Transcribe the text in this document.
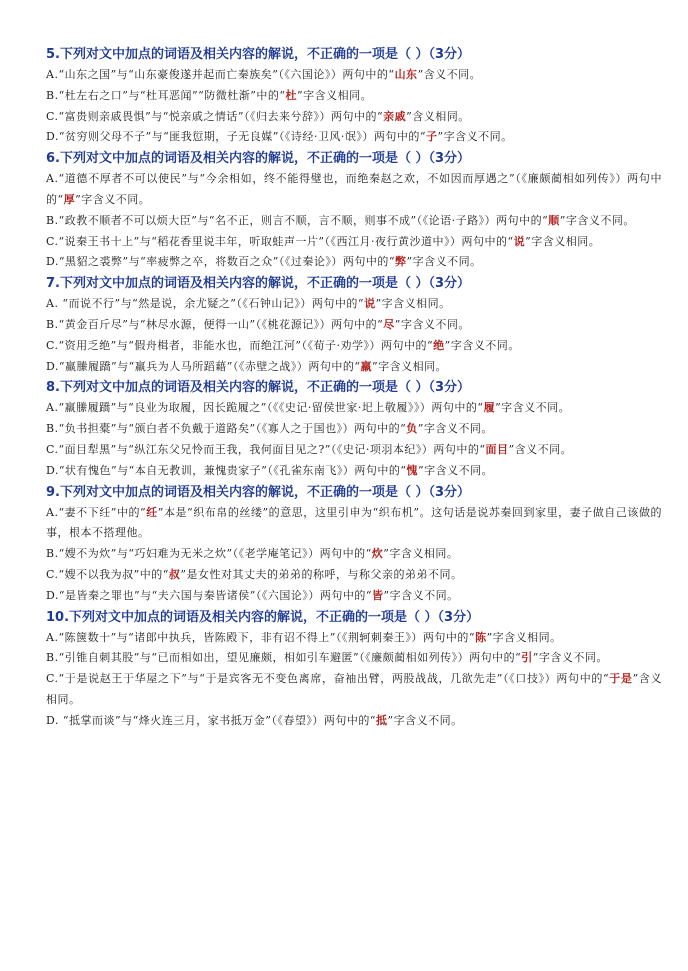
5.下列对文中加点的词语及相关内容的解说，不正确的一项是（ ）（3分）

A.“山东之国”与“山东豪俊遂并起而亡秦族矣”（《六国论》）两句中的“山东”含义不同。

B.“杜左右之口”与“杜耳恶闻”“防微杜渐”中的“杜”字含义相同。

C.“富贵则亲戚畏惧”与“悦亲戚之情话”（《归去来兮辞》）两句中的“亲戚”含义相同。

D.“贫穷则父母不子”与“匪我愆期，子无良媒”（《诗经·卫风·氓》）两句中的“子”字含义不同。

6.下列对文中加点的词语及相关内容的解说，不正确的一项是（ ）（3分）

A.“道德不厚者不可以使民”与“今余相如，终不能得璧也，而绝秦赵之欢，不如因而厚遇之”（《廉颇蔺相如列传》）两句中的“厚”字含义不同。

B.“政教不顺者不可以烦大臣”与“名不正，则言不顺，言不顺，则事不成”（《论语·子路》）两句中的“顺”字含义不同。

C.“说秦王书十上”与“稻花香里说丰年，听取蛙声一片”（《西江月·夜行黄沙道中》）两句中的“说”字含义相同。

D.“黑貂之裘弊”与“率疲弊之卒，将数百之众”（《过秦论》）两句中的“弊”字含义不同。

7.下列对文中加点的词语及相关内容的解说，不正确的一项是（ ）（3分）

A. “而说不行”与“然是说，余尤疑之”（《石钟山记》）两句中的“说”字含义相同。

B.“黄金百斤尽”与“林尽水源，便得一山”（《桃花源记》）两句中的“尽”字含义不同。

C.“资用乏绝”与“假舟楫者，非能水也，而绝江河”（《荀子·劝学》）两句中的“绝”字含义不同。

D.“羸縢履蹻”与“羸兵为人马所蹈藉”（《赤壁之战》）两句中的“羸”字含义相同。

8.下列对文中加点的词语及相关内容的解说，不正确的一项是（ ）（3分）

A.“羸縢履蹻”与“良业为取履，因长跪履之”（《《史记·留侯世家·圯上敬履》》）两句中的“履”字含义不同。

B.“负书担橐”与“颁白者不负戴于道路矣”（《寡人之于国也》）两句中的“负”字含义不同。

C.“面目犁黑”与“纵江东父兄怜而王我，我何面目见之?”（《史记·项羽本纪》）两句中的“面目”含义不同。

D.“状有愧色”与“本自无教训，兼愧贵家子”（《孔雀东南飞》）两句中的“愧”字含义不同。

9.下列对文中加点的词语及相关内容的解说，不正确的一项是（ ）（3分）

A.“妻不下纴”中的“纴”本是“织布帛的丝缕”的意思，这里引申为“织布机”。这句话是说苏秦回到家里，妻子做自己该做的事，根本不搭理他。

B.“嫂不为炊”与“巧妇难为无米之炊”（《老学庵笔记》）两句中的“炊”字含义相同。

C.“嫂不以我为叔”中的“叔”是女性对其丈夫的弟弟的称呼，与称父亲的弟弟不同。

D.“是皆秦之罪也”与“夫六国与秦皆诸侯”（《六国论》）两句中的“皆”字含义不同。

10.下列对文中加点的词语及相关内容的解说，不正确的一项是（ ）（3分）

A.“陈箧数十”与“诸郎中执兵，皆陈殿下，非有诏不得上”（《荆轲刺秦王》）两句中的“陈”字含义相同。

B.“引锥自刺其股”与“已而相如出，望见廉颇，相如引车避匿”（《廉颇蔺相如列传》）两句中的“引”字含义不同。

C.“于是说赵王于华屋之下”与“于是宾客无不变色离席，奋袖出臂，两股战战，几欲先走”（《口技》）两句中的“于是”含义相同。

D. “抵掌而谈”与“烽火连三月，家书抵万金”（《春望》）两句中的“抵”字含义不同。
